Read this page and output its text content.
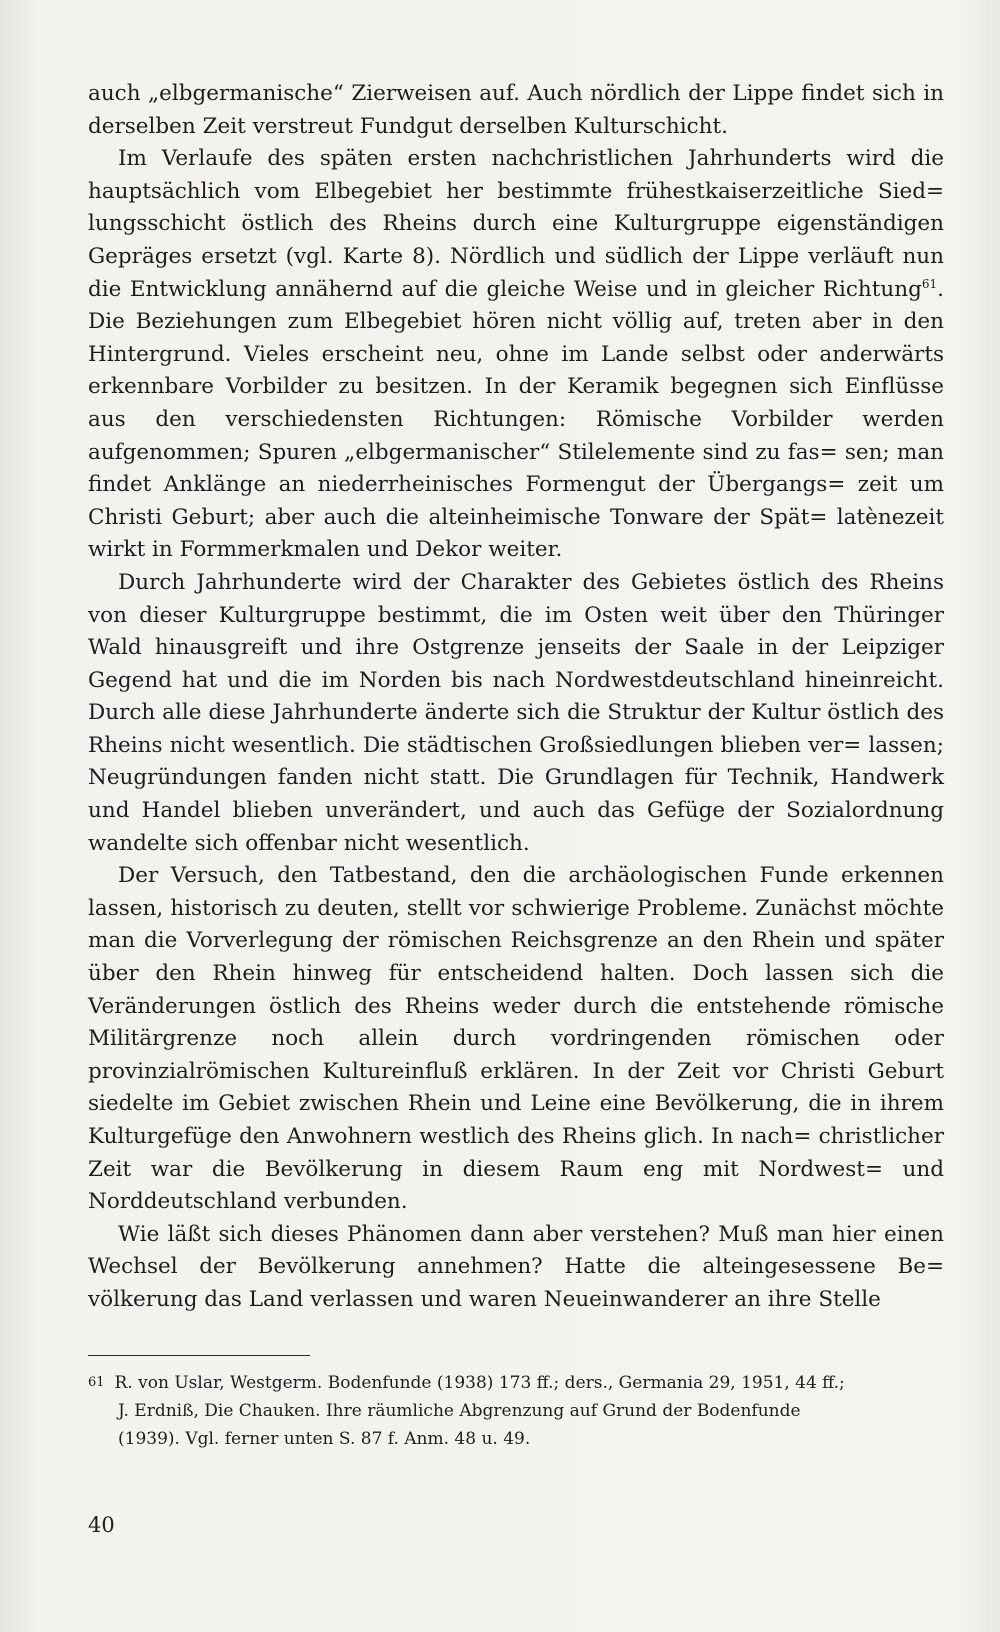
auch „elbgermanische“ Zierweisen auf. Auch nördlich der Lippe findet sich in derselben Zeit verstreut Fundgut derselben Kulturschicht.

Im Verlaufe des späten ersten nachchristlichen Jahrhunderts wird die hauptsächlich vom Elbegebiet her bestimmte frühestkaiserzeitliche Sied= lungsschicht östlich des Rheins durch eine Kulturgruppe eigenständigen Gepräges ersetzt (vgl. Karte 8). Nördlich und südlich der Lippe verläuft nun die Entwicklung annähernd auf die gleiche Weise und in gleicher Richtung$^{61}$. Die Beziehungen zum Elbegebiet hören nicht völlig auf, treten aber in den Hintergrund. Vieles erscheint neu, ohne im Lande selbst oder anderwärts erkennbare Vorbilder zu besitzen. In der Keramik begegnen sich Einflüsse aus den verschiedensten Richtungen: Römische Vorbilder werden aufgenommen; Spuren „elbgermanischer“ Stilelemente sind zu fas= sen; man findet Anklänge an niederrheinisches Formengut der Übergangs= zeit um Christi Geburt; aber auch die alteinheimische Tonware der Spät= latènezeit wirkt in Formmerkmalen und Dekor weiter.

Durch Jahrhunderte wird der Charakter des Gebietes östlich des Rheins von dieser Kulturgruppe bestimmt, die im Osten weit über den Thüringer Wald hinausgreift und ihre Ostgrenze jenseits der Saale in der Leipziger Gegend hat und die im Norden bis nach Nordwestdeutschland hineinreicht. Durch alle diese Jahrhunderte änderte sich die Struktur der Kultur östlich des Rheins nicht wesentlich. Die städtischen Großsiedlungen blieben ver= lassen; Neugründungen fanden nicht statt. Die Grundlagen für Technik, Handwerk und Handel blieben unverändert, und auch das Gefüge der Sozialordnung wandelte sich offenbar nicht wesentlich.

Der Versuch, den Tatbestand, den die archäologischen Funde erkennen lassen, historisch zu deuten, stellt vor schwierige Probleme. Zunächst möchte man die Vorverlegung der römischen Reichsgrenze an den Rhein und später über den Rhein hinweg für entscheidend halten. Doch lassen sich die Veränderungen östlich des Rheins weder durch die entstehende römische Militärgrenze noch allein durch vordringenden römischen oder provinzialrömischen Kultureinfluß erklären. In der Zeit vor Christi Geburt siedelte im Gebiet zwischen Rhein und Leine eine Bevölkerung, die in ihrem Kulturgefüge den Anwohnern westlich des Rheins glich. In nach= christlicher Zeit war die Bevölkerung in diesem Raum eng mit Nordwest= und Norddeutschland verbunden.

Wie läßt sich dieses Phänomen dann aber verstehen? Muß man hier einen Wechsel der Bevölkerung annehmen? Hatte die alteingesessene Be= völkerung das Land verlassen und waren Neueinwanderer an ihre Stelle

$^{61}$ R. von Uslar, Westgerm. Bodenfunde (1938) 173 ff.; ders., Germania 29, 1951, 44 ff.;
J. Erdniß, Die Chauken. Ihre räumliche Abgrenzung auf Grund der Bodenfunde
(1939). Vgl. ferner unten S. 87 f. Anm. 48 u. 49.
40
